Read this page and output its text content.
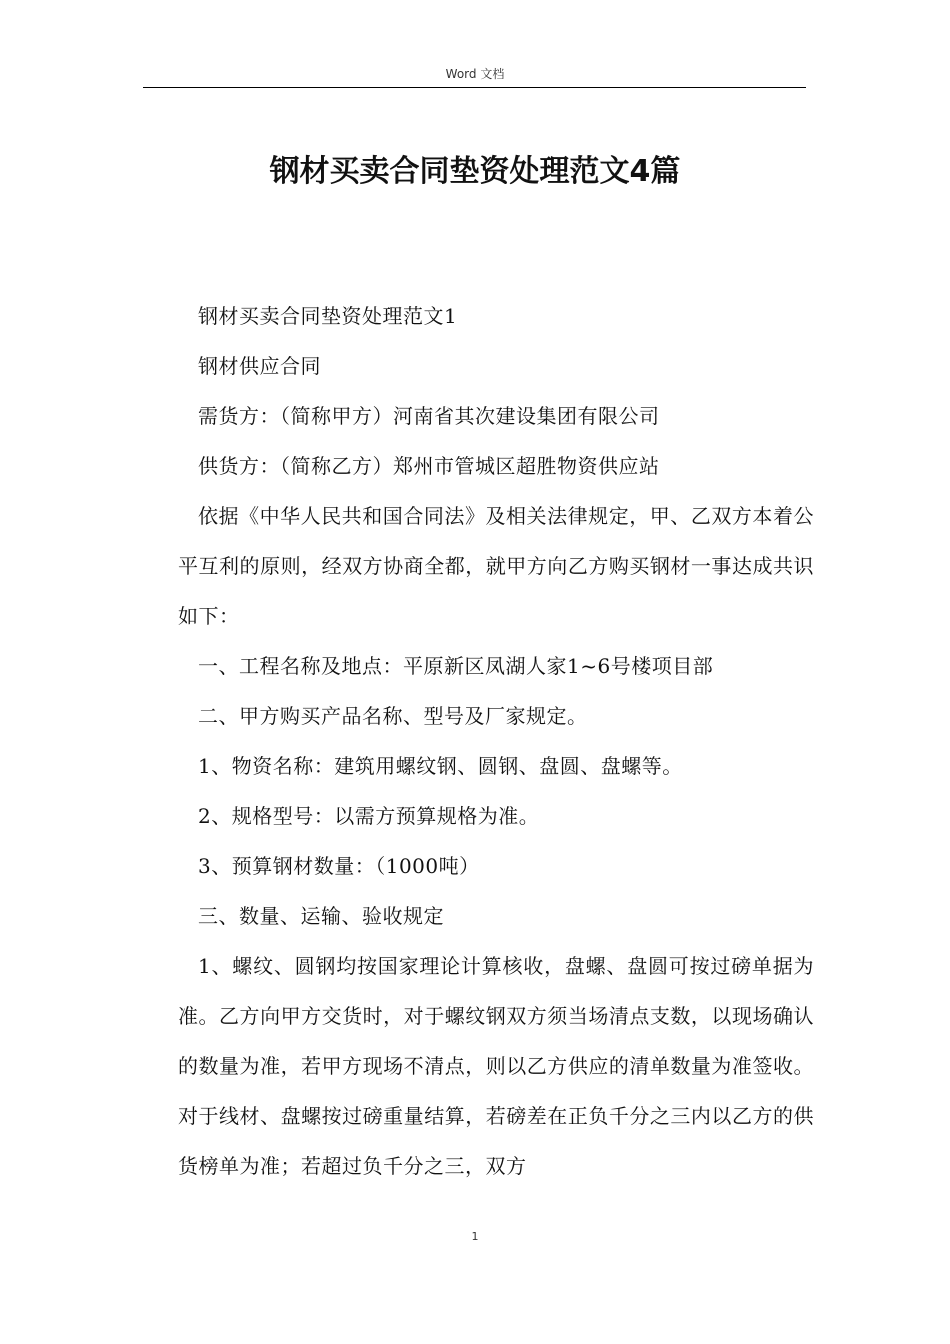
Word 文档
钢材买卖合同垫资处理范文4篇

钢材买卖合同垫资处理范文1

钢材供应合同

需货方：（简称甲方）河南省其次建设集团有限公司

供货方：（简称乙方）郑州市管城区超胜物资供应站

依据《中华人民共和国合同法》及相关法律规定，甲、乙双方本着公平互利的原则，经双方协商全都，就甲方向乙方购买钢材一事达成共识如下：

一、工程名称及地点：平原新区凤湖人家1~6号楼项目部

二、甲方购买产品名称、型号及厂家规定。

1、物资名称：建筑用螺纹钢、圆钢、盘圆、盘螺等。

2、规格型号：以需方预算规格为准。

3、预算钢材数量：（1000吨）

三、数量、运输、验收规定

1、螺纹、圆钢均按国家理论计算核收，盘螺、盘圆可按过磅单据为准。乙方向甲方交货时，对于螺纹钢双方须当场清点支数，以现场确认的数量为准，若甲方现场不清点，则以乙方供应的清单数量为准签收。对于线材、盘螺按过磅重量结算，若磅差在正负千分之三内以乙方的供货榜单为准；若超过负千分之三，双方

1
